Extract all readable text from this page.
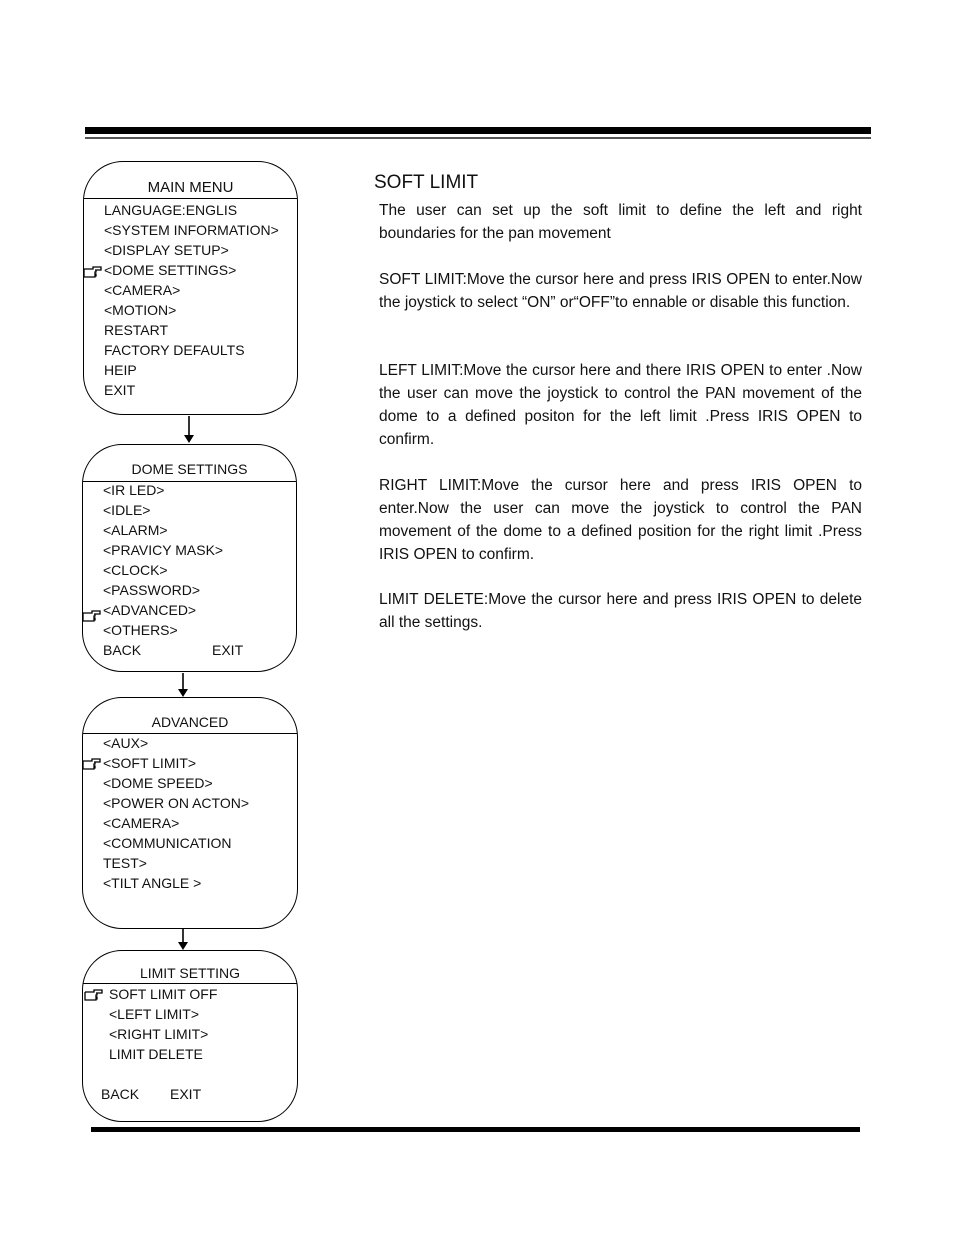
MAIN MENU
LANGUAGE:ENGLIS
<SYSTEM INFORMATION>
<DISPLAY SETUP>
<DOME SETTINGS>
<CAMERA>
<MOTION>
RESTART
FACTORY DEFAULTS
HEIP
EXIT
DOME SETTINGS
<IR LED>
<IDLE>
<ALARM>
<PRAVICY MASK>
<CLOCK>
<PASSWORD>
<ADVANCED>
<OTHERS>
BACK	EXIT
ADVANCED
<AUX>
<SOFT LIMIT>
<DOME SPEED>
<POWER ON ACTON>
<CAMERA>
<COMMUNICATION
TEST>
<TILT ANGLE >
LIMIT SETTING
SOFT LIMIT OFF
<LEFT LIMIT>
<RIGHT LIMIT>
LIMIT DELETE
BACK EXIT
SOFT LIMIT

The user can set up the soft limit to define the left and right boundaries for the pan movement

SOFT LIMIT:Move the cursor here and press IRIS OPEN to enter.Now the joystick to select “ON” or“OFF”to ennable or disable this function.

LEFT LIMIT:Move the cursor here and there IRIS OPEN to enter .Now the user can move the joystick to control the PAN movement of the dome to a defined positon for the left limit .Press IRIS OPEN to confirm.

RIGHT LIMIT:Move the cursor here and press IRIS OPEN to enter.Now the user can move the joystick to control the PAN movement of the dome to a defined position for the right limit .Press IRIS OPEN to confirm.

LIMIT DELETE:Move the cursor here and press IRIS OPEN to delete all the settings.
